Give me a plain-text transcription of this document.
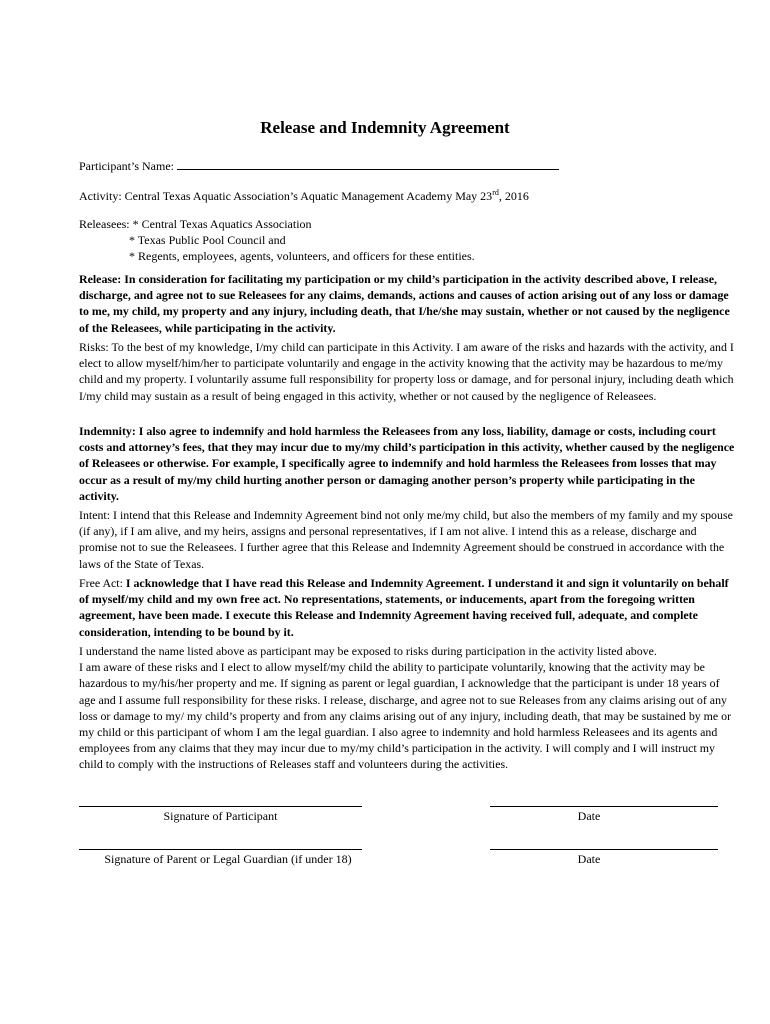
Release and Indemnity Agreement
Participant’s Name:
Activity: Central Texas Aquatic Association’s Aquatic Management Academy May 23rd, 2016

Releasees: * Central Texas Aquatics Association

* Texas Public Pool Council and

* Regents, employees, agents, volunteers, and officers for these entities.

Release: In consideration for facilitating my participation or my child’s participation in the activity described above, I release, discharge, and agree not to sue Releasees for any claims, demands, actions and causes of action arising out of any loss or damage to me, my child, my property and any injury, including death, that I/he/she may sustain, whether or not caused by the negligence of the Releasees, while participating in the activity.
Risks: To the best of my knowledge, I/my child can participate in this Activity. I am aware of the risks and hazards with the activity, and I elect to allow myself/him/her to participate voluntarily and engage in the activity knowing that the activity may be hazardous to me/my child and my property. I voluntarily assume full responsibility for property loss or damage, and for personal injury, including death which I/my child may sustain as a result of being engaged in this activity, whether or not caused by the negligence of Releasees.
Indemnity: I also agree to indemnify and hold harmless the Releasees from any loss, liability, damage or costs, including court costs and attorney’s fees, that they may incur due to my/my child’s participation in this activity, whether caused by the negligence of Releasees or otherwise. For example, I specifically agree to indemnify and hold harmless the Releasees from losses that may occur as a result of my/my child hurting another person or damaging another person’s property while participating in the activity.
Intent: I intend that this Release and Indemnity Agreement bind not only me/my child, but also the members of my family and my spouse (if any), if I am alive, and my heirs, assigns and personal representatives, if I am not alive. I intend this as a release, discharge and promise not to sue the Releasees. I further agree that this Release and Indemnity Agreement should be construed in accordance with the laws of the State of Texas.
Free Act: I acknowledge that I have read this Release and Indemnity Agreement. I understand it and sign it voluntarily on behalf of myself/my child and my own free act. No representations, statements, or inducements, apart from the foregoing written agreement, have been made. I execute this Release and Indemnity Agreement having received full, adequate, and complete consideration, intending to be bound by it.

I understand the name listed above as participant may be exposed to risks during participation in the activity listed above.

I am aware of these risks and I elect to allow myself/my child the ability to participate voluntarily, knowing that the activity may be hazardous to my/his/her property and me. If signing as parent or legal guardian, I acknowledge that the participant is under 18 years of age and I assume full responsibility for these risks. I release, discharge, and agree not to sue Releases from any claims arising out of any loss or damage to my/ my child’s property and from any claims arising out of any injury, including death, that may be sustained by me or my child or this participant of whom I am the legal guardian. I also agree to indemnity and hold harmless Releasees and its agents and employees from any claims that they may incur due to my/my child’s participation in the activity. I will comply and I will instruct my child to comply with the instructions of Releases staff and volunteers during the activities.

Signature of Participant	Date
Signature of Parent or Legal Guardian (if under 18)	Date
